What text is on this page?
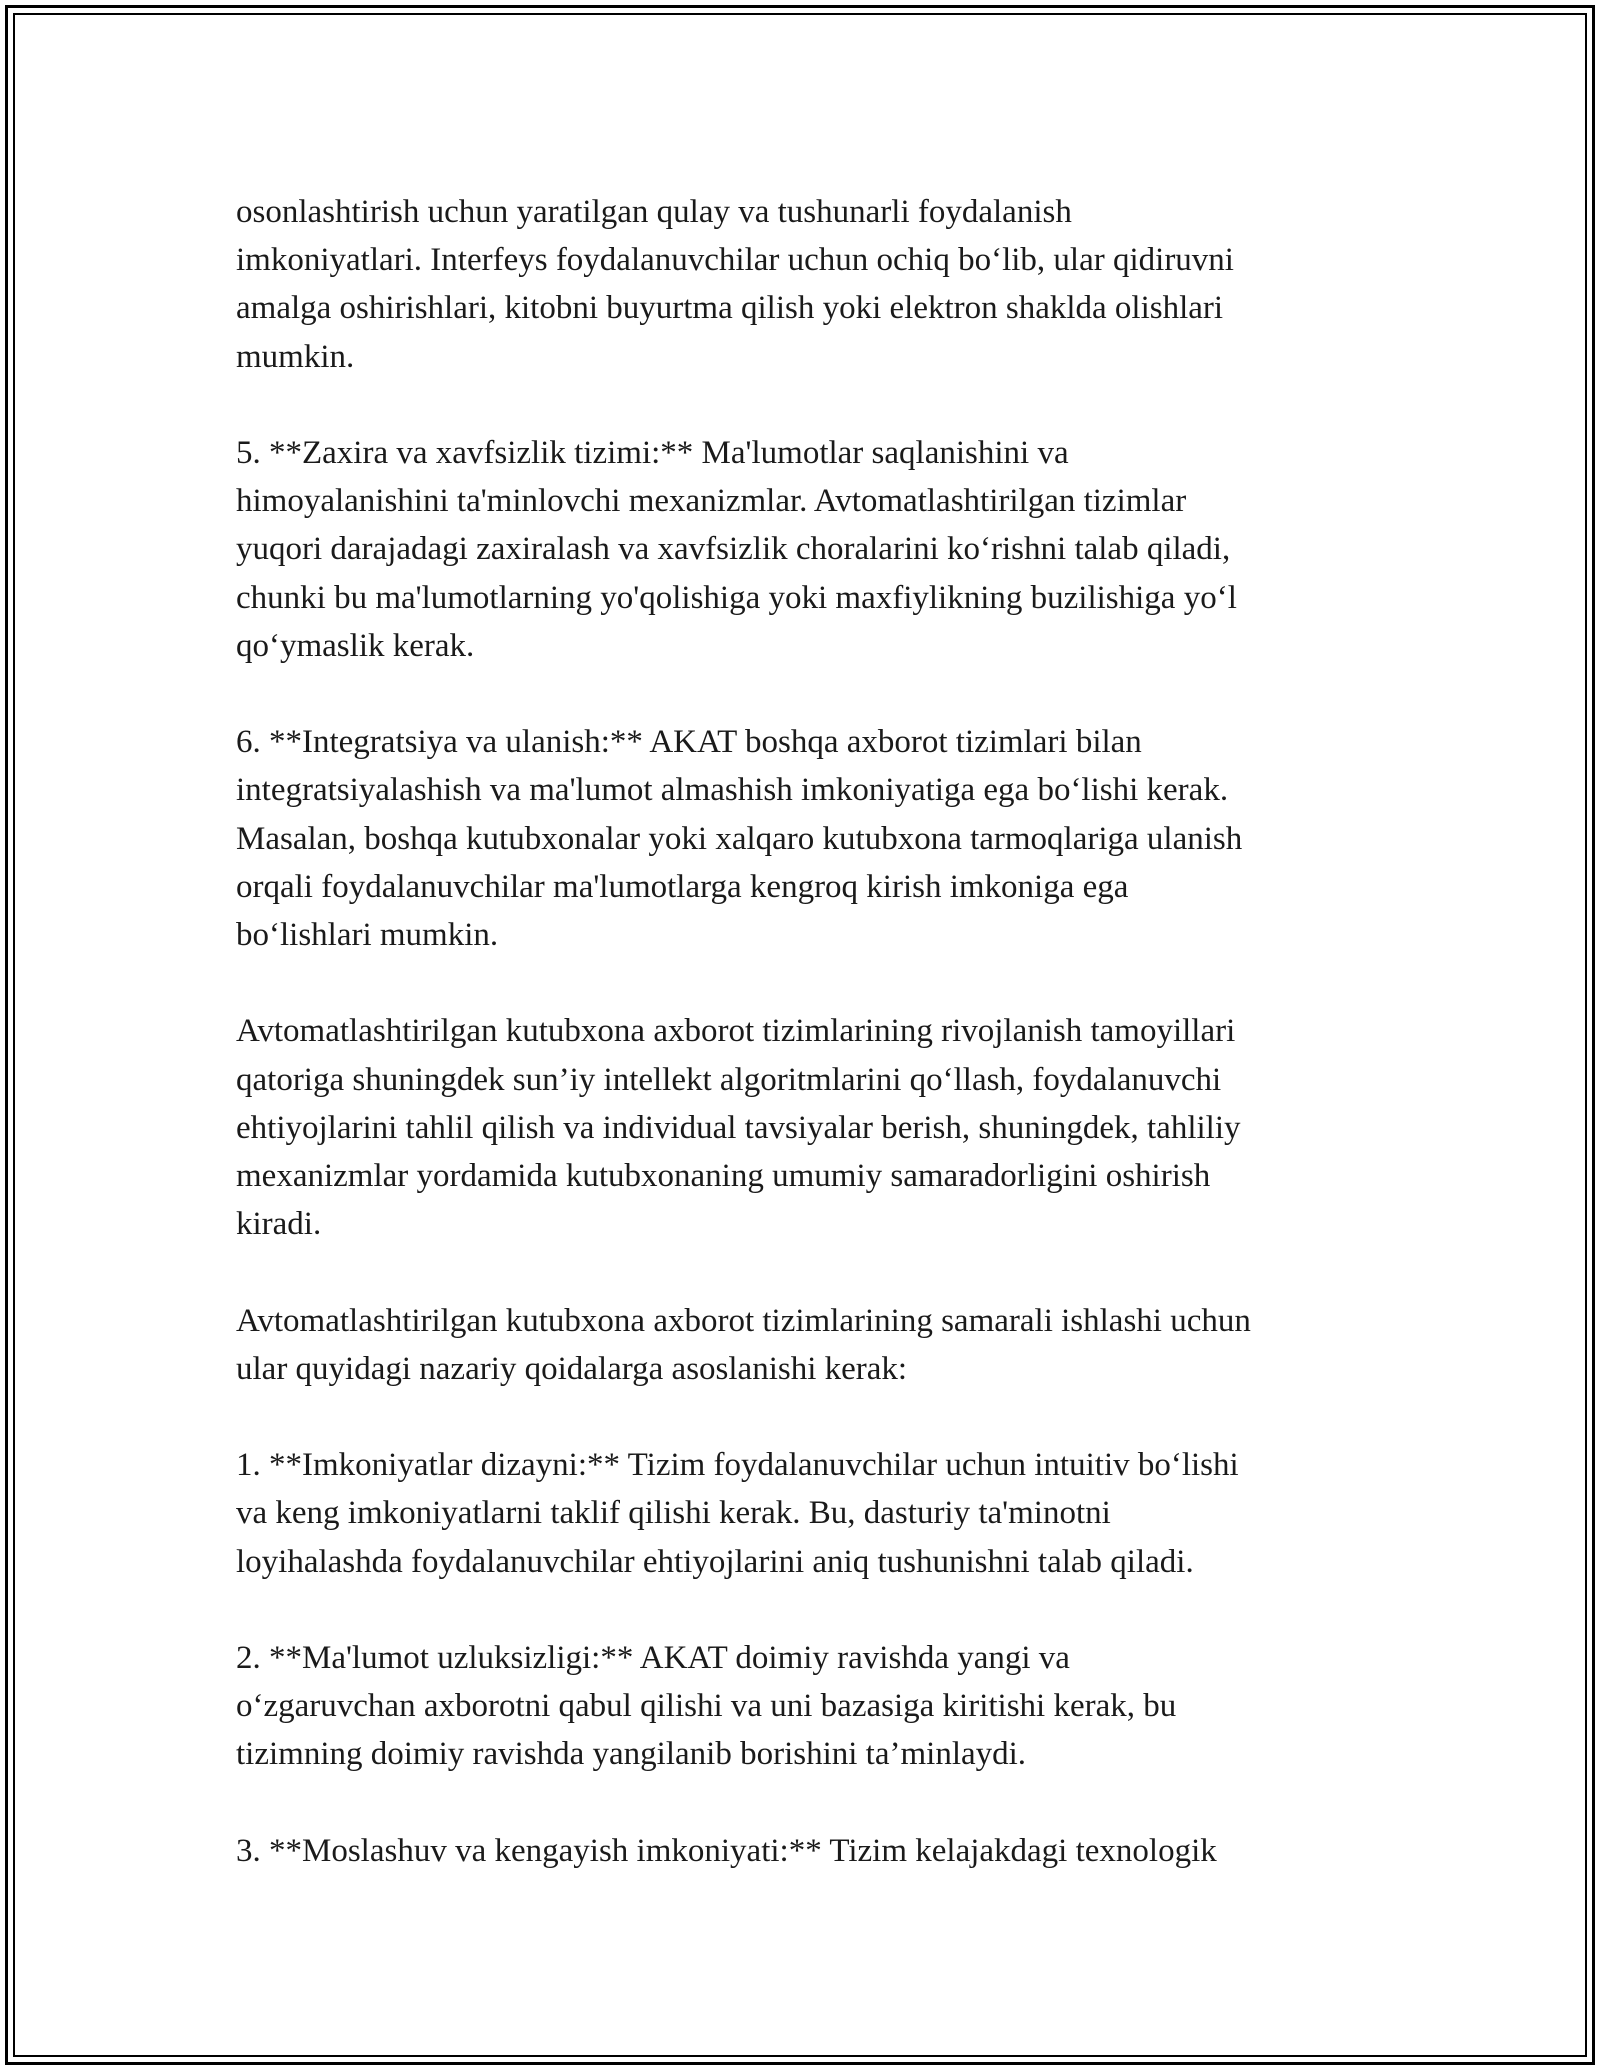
osonlashtirish uchun yaratilgan qulay va tushunarli foydalanish
imkoniyatlari. Interfeys foydalanuvchilar uchun ochiq boʻlib, ular qidiruvni
amalga oshirishlari, kitobni buyurtma qilish yoki elektron shaklda olishlari
mumkin.

5. **Zaxira va xavfsizlik tizimi:** Ma'lumotlar saqlanishini va
himoyalanishini ta'minlovchi mexanizmlar. Avtomatlashtirilgan tizimlar
yuqori darajadagi zaxiralash va xavfsizlik choralarini koʻrishni talab qiladi,
chunki bu ma'lumotlarning yo'qolishiga yoki maxfiylikning buzilishiga yoʻl
qoʻymaslik kerak.

6. **Integratsiya va ulanish:** AKAT boshqa axborot tizimlari bilan
integratsiyalashish va ma'lumot almashish imkoniyatiga ega boʻlishi kerak.
Masalan, boshqa kutubxonalar yoki xalqaro kutubxona tarmoqlariga ulanish
orqali foydalanuvchilar ma'lumotlarga kengroq kirish imkoniga ega
boʻlishlari mumkin.

Avtomatlashtirilgan kutubxona axborot tizimlarining rivojlanish tamoyillari
qatoriga shuningdek sun’iy intellekt algoritmlarini qoʻllash, foydalanuvchi
ehtiyojlarini tahlil qilish va individual tavsiyalar berish, shuningdek, tahliliy
mexanizmlar yordamida kutubxonaning umumiy samaradorligini oshirish
kiradi.

Avtomatlashtirilgan kutubxona axborot tizimlarining samarali ishlashi uchun
ular quyidagi nazariy qoidalarga asoslanishi kerak:

1. **Imkoniyatlar dizayni:** Tizim foydalanuvchilar uchun intuitiv boʻlishi
va keng imkoniyatlarni taklif qilishi kerak. Bu, dasturiy ta'minotni
loyihalashda foydalanuvchilar ehtiyojlarini aniq tushunishni talab qiladi.

2. **Ma'lumot uzluksizligi:** AKAT doimiy ravishda yangi va
oʻzgaruvchan axborotni qabul qilishi va uni bazasiga kiritishi kerak, bu
tizimning doimiy ravishda yangilanib borishini ta’minlaydi.

3. **Moslashuv va kengayish imkoniyati:** Tizim kelajakdagi texnologik
